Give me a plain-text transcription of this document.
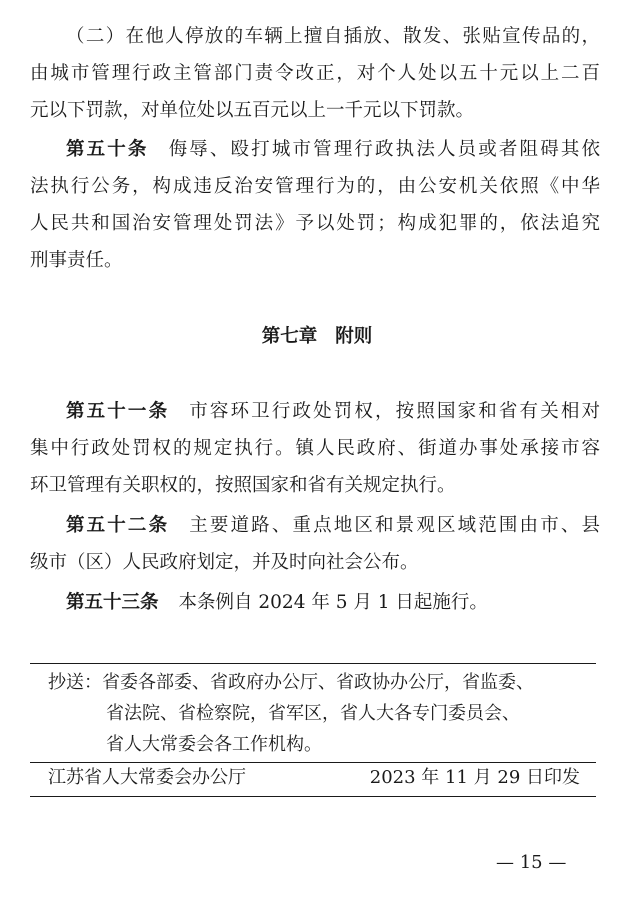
（二）在他人停放的车辆上擅自插放、散发、张贴宣传品的，
由城市管理行政主管部门责令改正，对个人处以五十元以上二百
元以下罚款，对单位处以五百元以上一千元以下罚款。
第五十条 侮辱、殴打城市管理行政执法人员或者阻碍其依
法执行公务，构成违反治安管理行为的，由公安机关依照《中华
人民共和国治安管理处罚法》予以处罚；构成犯罪的，依法追究
刑事责任。
第七章 附则
第五十一条 市容环卫行政处罚权，按照国家和省有关相对
集中行政处罚权的规定执行。镇人民政府、街道办事处承接市容
环卫管理有关职权的，按照国家和省有关规定执行。
第五十二条 主要道路、重点地区和景观区域范围由市、县
级市（区）人民政府划定，并及时向社会公布。
第五十三条 本条例自 2024 年 5 月 1 日起施行。
抄送：省委各部委、省政府办公厅、省政协办公厅，省监委、
省法院、省检察院，省军区，省人大各专门委员会、
省人大常委会各工作机构。
江苏省人大常委会办公厅	2023 年 11 月 29 日印发
— 15 —
